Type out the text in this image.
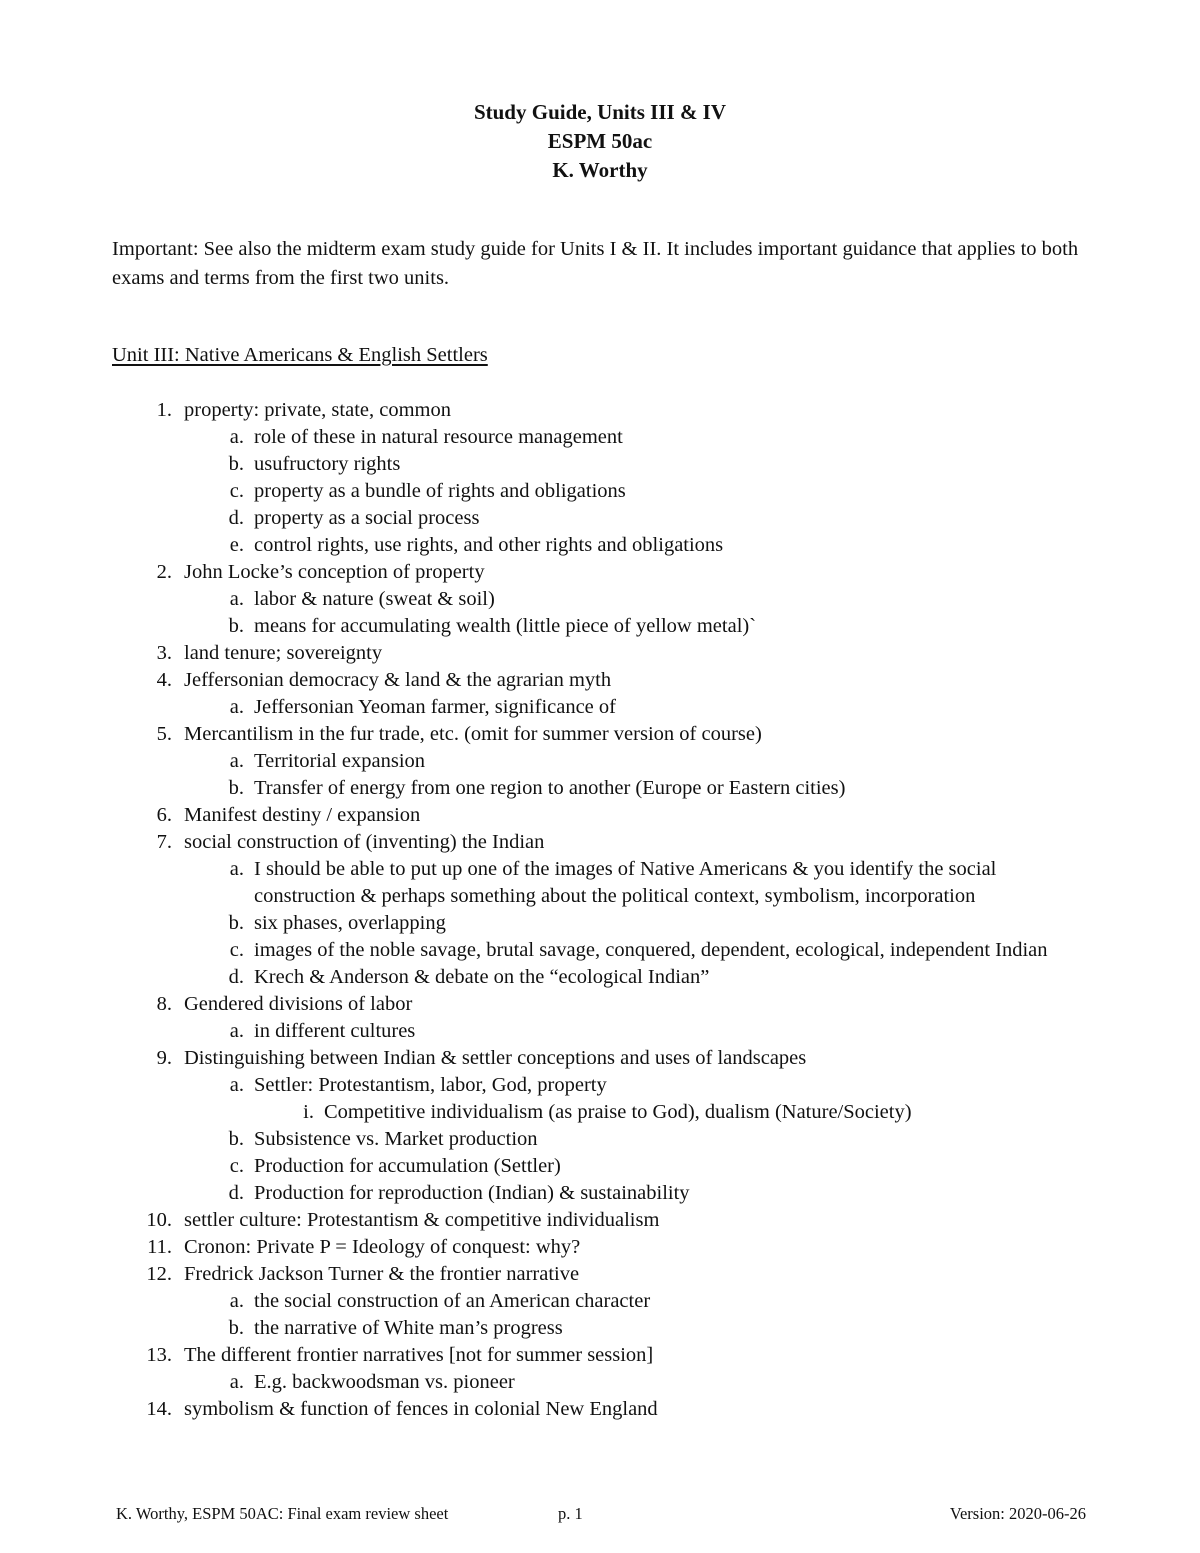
Study Guide, Units III & IV
ESPM 50ac
K. Worthy
Important: See also the midterm exam study guide for Units I & II. It includes important guidance that applies to both exams and terms from the first two units.
Unit III: Native Americans & English Settlers
1. property: private, state, common
a. role of these in natural resource management
b. usufructory rights
c. property as a bundle of rights and obligations
d. property as a social process
e. control rights, use rights, and other rights and obligations
2. John Locke’s conception of property
a. labor & nature (sweat & soil)
b. means for accumulating wealth (little piece of yellow metal)`
3. land tenure; sovereignty
4. Jeffersonian democracy & land & the agrarian myth
a. Jeffersonian Yeoman farmer, significance of
5. Mercantilism in the fur trade, etc. (omit for summer version of course)
a. Territorial expansion
b. Transfer of energy from one region to another (Europe or Eastern cities)
6. Manifest destiny / expansion
7. social construction of (inventing) the Indian
a. I should be able to put up one of the images of Native Americans & you identify the social construction & perhaps something about the political context, symbolism, incorporation
b. six phases, overlapping
c. images of the noble savage, brutal savage, conquered, dependent, ecological, independent Indian
d. Krech & Anderson & debate on the “ecological Indian”
8. Gendered divisions of labor
a. in different cultures
9. Distinguishing between Indian & settler conceptions and uses of landscapes
a. Settler: Protestantism, labor, God, property
i. Competitive individualism (as praise to God), dualism (Nature/Society)
b. Subsistence vs. Market production
c. Production for accumulation (Settler)
d. Production for reproduction (Indian) & sustainability
10. settler culture: Protestantism & competitive individualism
11. Cronon: Private P = Ideology of conquest: why?
12. Fredrick Jackson Turner & the frontier narrative
a. the social construction of an American character
b. the narrative of White man’s progress
13. The different frontier narratives [not for summer session]
a. E.g. backwoodsman vs. pioneer
14. symbolism & function of fences in colonial New England
K. Worthy, ESPM 50AC: Final exam review sheet	p. 1	Version: 2020-06-26
